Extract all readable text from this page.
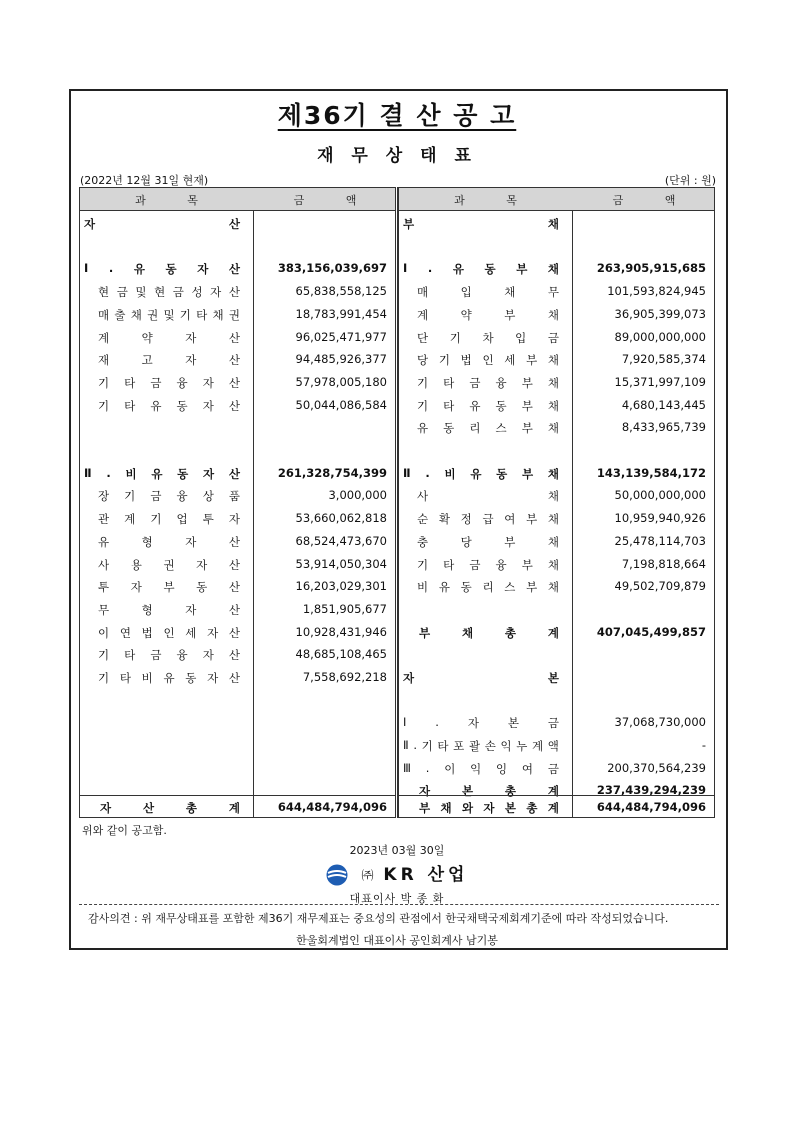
제36기 결 산 공 고
재 무 상 태 표
(2022년 12월 31일 현재)	(단위 : 원)
과 목	금 액
자	산
Ⅰ . 유 동 자 산	383,156,039,697
현 금 및 현 금 성 자 산	65,838,558,125
매 출 채 권 및 기 타 채 권	18,783,991,454
계	약	자	산	96,025,471,977
재	고	자	산	94,485,926,377
기 타 금 융 자 산	57,978,005,180
기 타 유 동 자 산	50,044,086,584
Ⅱ . 비 유 동 자 산	261,328,754,399
장 기 금 융 상 품	3,000,000
관 계 기 업 투 자	53,660,062,818
유	형	자	산	68,524,473,670
사 용 권 자 산	53,914,050,304
투 자 부 동 산	16,203,029,301
무	형	자	산	1,851,905,677
이 연 법 인 세 자 산	10,928,431,946
기 타 금 융 자 산	48,685,108,465
기 타 비 유 동 자 산	7,558,692,218
자	산	총	계	644,484,794,096
과 목	금 액
부	채
Ⅰ . 유 동 부 채	263,905,915,685
매	입	채	무	101,593,824,945
계	약	부	채	36,905,399,073
단 기 차 입 금	89,000,000,000
당 기 법 인 세 부 채	7,920,585,374
기 타 금 융 부 채	15,371,997,109
기 타 유 동 부 채	4,680,143,445
유 동 리 스 부 채	8,433,965,739
Ⅱ . 비 유 동 부 채	143,139,584,172
사	채	50,000,000,000
순 확 정 급 여 부 채	10,959,940,926
충	당	부	채	25,478,114,703
기 타 금 융 부 채	7,198,818,664
비 유 동 리 스 부 채	49,502,709,879
부	채	총	계	407,045,499,857
자	본
Ⅰ	.	자	본	금	37,068,730,000
Ⅱ . 기 타 포 괄 손 익 누 계 액	-
Ⅲ . 이 익 잉 여 금	200,370,564,239
자	본	총	계	237,439,294,239
부 채 와 자 본 총 계	644,484,794,096
위와 같이 공고함.
2023년 03월 30일
㈜ KR 산업
대표이사 박 종 화
감사의견 : 위 재무상태표를 포함한 제36기 재무제표는 중요성의 관점에서 한국채택국제회계기준에 따라 작성되었습니다.
한울회계법인 대표이사 공인회계사 남기봉
